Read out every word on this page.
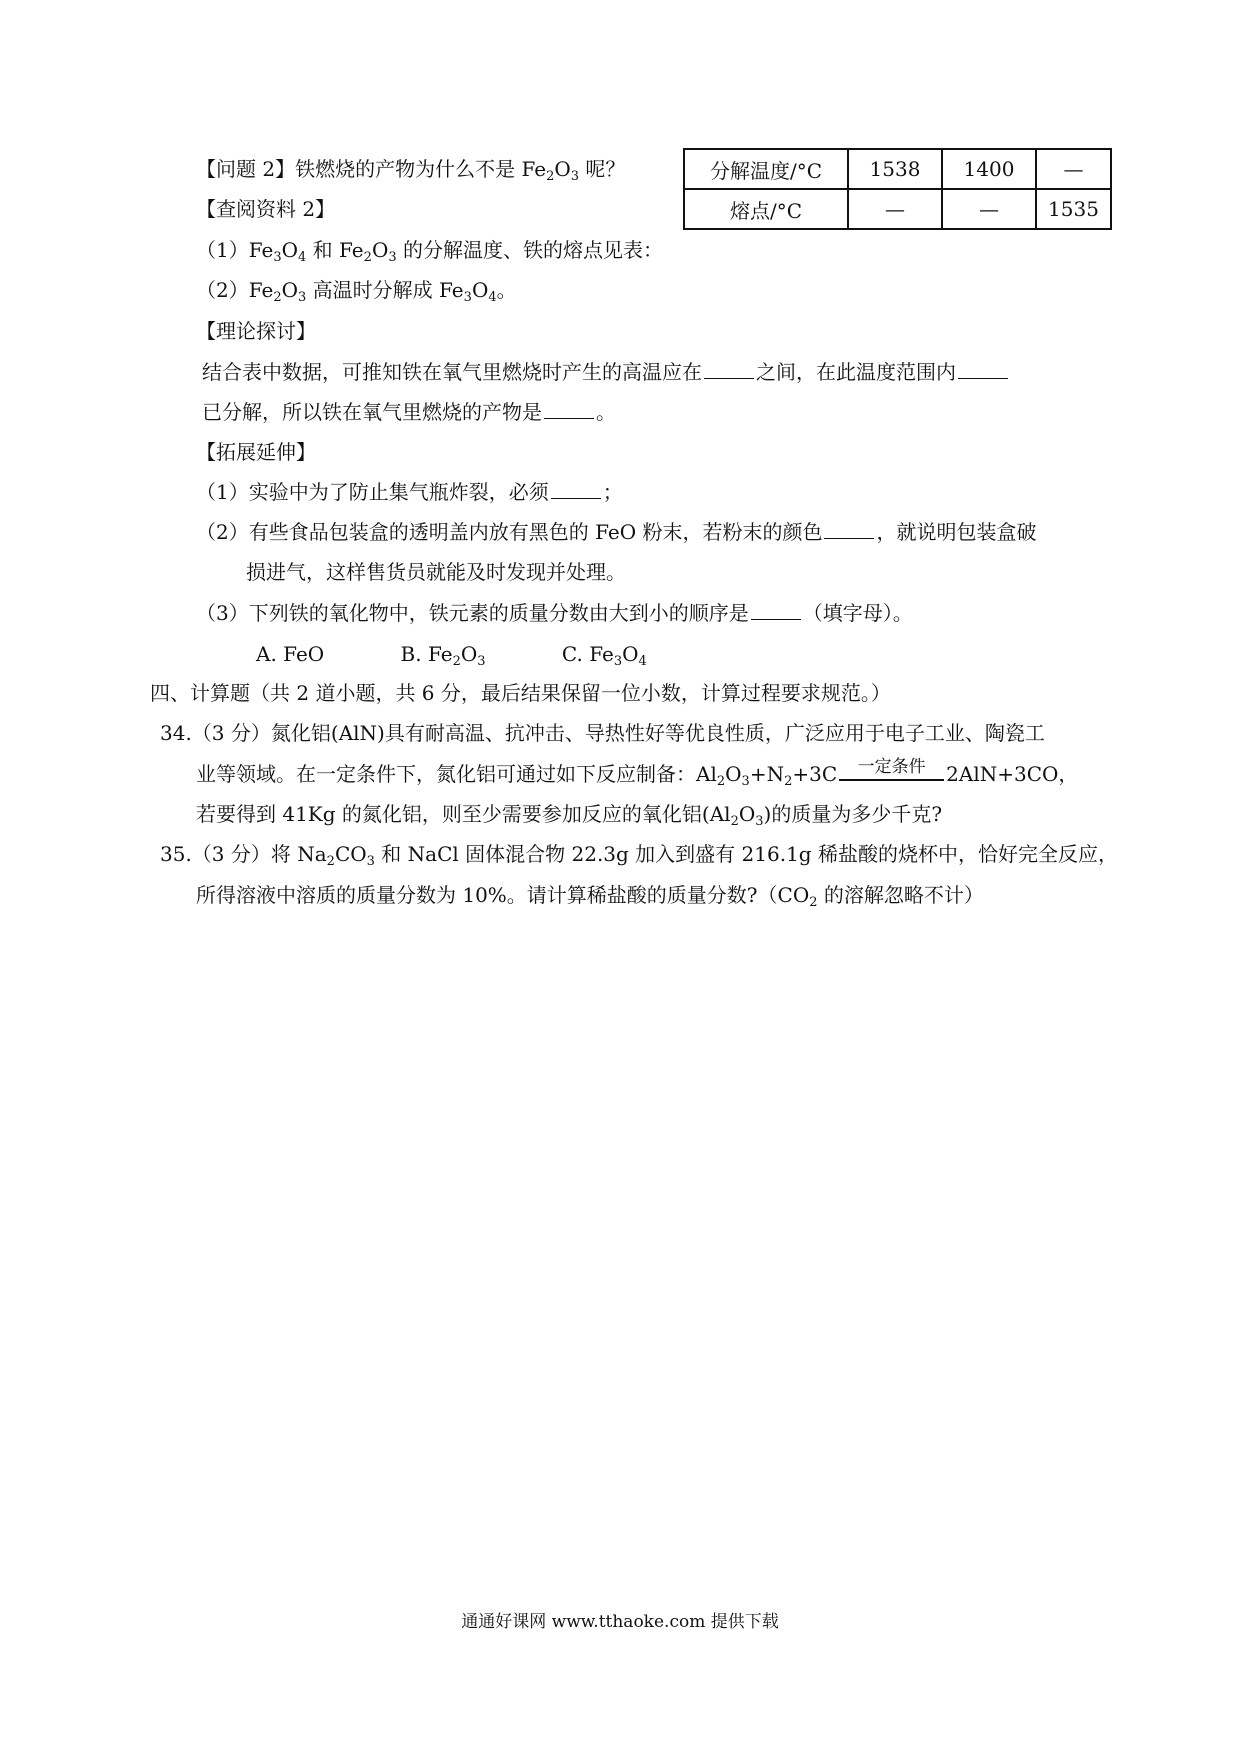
【问题 2】铁燃烧的产物为什么不是 $Fe_2O_3$ 呢？
【查阅资料 2】
$(1)Fe_3O_4$ 和 $Fe_2O_3$ 的分解温度、铁的熔点见表：
$(2)Fe_2O_3$ 高温时分解成 $Fe_3O_4$。
分解温度/°C	1538	1400	—
熔点/°C	—	—	1535
【理论探讨】
结合表中数据，可推知铁在氧气里燃烧时产生的高温应在	之间，在此温度范围内
已分解，所以铁在氧气里燃烧的产物是	。
【拓展延伸】
（1）实验中为了防止集气瓶炸裂，必须	；
（2）有些食品包装盒的透明盖内放有黑色的 FeO 粉末，若粉末的颜色	，就说明包装盒破
损进气，这样售货员就能及时发现并处理。
（3）下列铁的氧化物中，铁元素的质量分数由大到小的顺序是	（填字母）。
A. FeO	B. $Fe_2O_3$	C. $Fe_3O_4$
四、计算题（共 2 道小题，共 6 分，最后结果保留一位小数，计算过程要求规范。）
34.（3 分）氮化铝(AlN)具有耐高温、抗冲击、导热性好等优良性质，广泛应用于电子工业、陶瓷工
业等领域。在一定条件下，氮化铝可通过如下反应制备：$Al_2O_3+N_2+3C$	一定条件	2AlN+3CO，
若要得到 41Kg 的氮化铝，则至少需要参加反应的氧化铝$(Al_2O_3)$的质量为多少千克?
35.（3 分）将 $Na_2CO_3$ 和 NaCl 固体混合物 22.3g 加入到盛有 216.1g 稀盐酸的烧杯中，恰好完全反应，
所得溶液中溶质的质量分数为 10%。请计算稀盐酸的质量分数$?(CO_2$ 的溶解忽略不计）
通通好课网 www.tthaoke.com 提供下载
